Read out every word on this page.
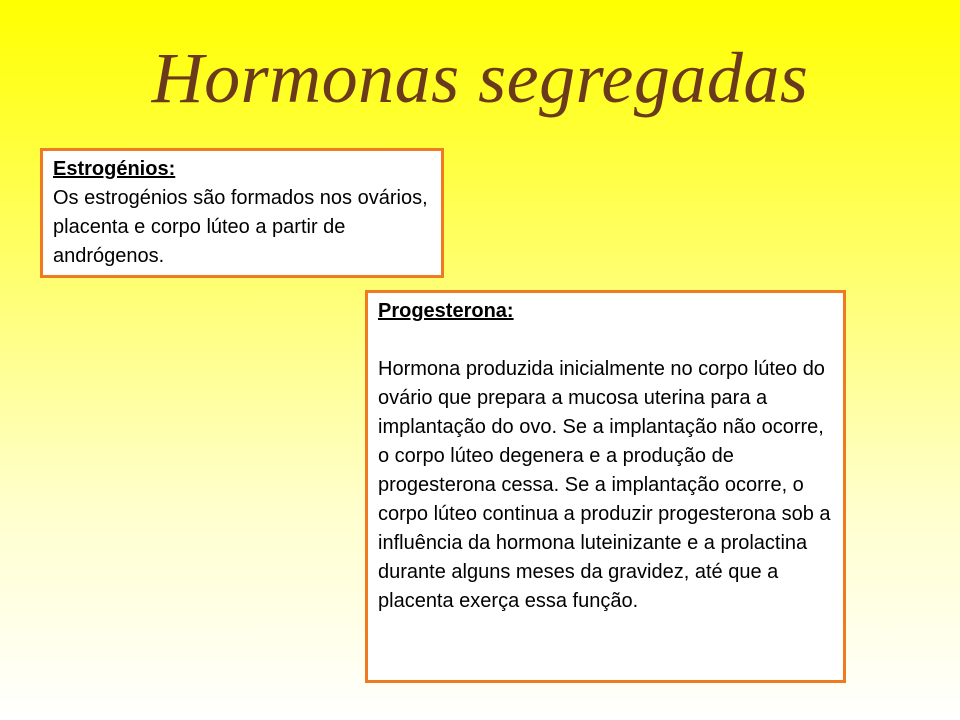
Hormonas segregadas
Estrogénios:
Os estrogénios são formados nos ovários, placenta e corpo lúteo a partir de andrógenos.
Progesterona:
Hormona produzida inicialmente no corpo lúteo do ovário que prepara a mucosa uterina para a implantação do ovo. Se a implantação não ocorre, o corpo lúteo degenera e a produção de progesterona cessa. Se a implantação ocorre, o corpo lúteo continua a produzir progesterona sob a influência da hormona luteinizante e a prolactina durante alguns meses da gravidez, até que a placenta exerça essa função.
